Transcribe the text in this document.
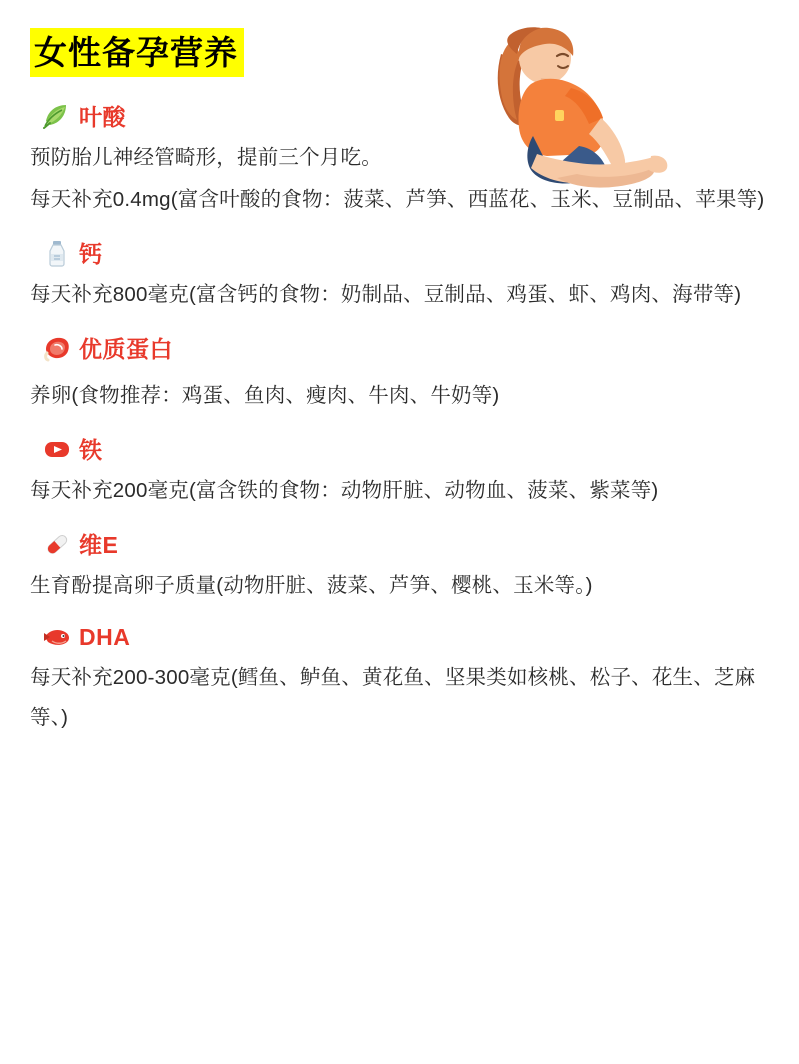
女性备孕营养
叶酸

预防胎儿神经管畸形，提前三个月吃。

每天补充0.4mg(富含叶酸的食物：菠菜、芦笋、西蓝花、玉米、豆制品、苹果等)

钙

每天补充800毫克(富含钙的食物：奶制品、豆制品、鸡蛋、虾、鸡肉、海带等)

优质蛋白

养卵(食物推荐：鸡蛋、鱼肉、瘦肉、牛肉、牛奶等)

铁

每天补充200毫克(富含铁的食物：动物肝脏、动物血、菠菜、紫菜等)

维E

生育酚提高卵子质量(动物肝脏、菠菜、芦笋、樱桃、玉米等。)

DHA

每天补充200-300毫克(鳕鱼、鲈鱼、黄花鱼、坚果类如核桃、松子、花生、芝麻等、)
